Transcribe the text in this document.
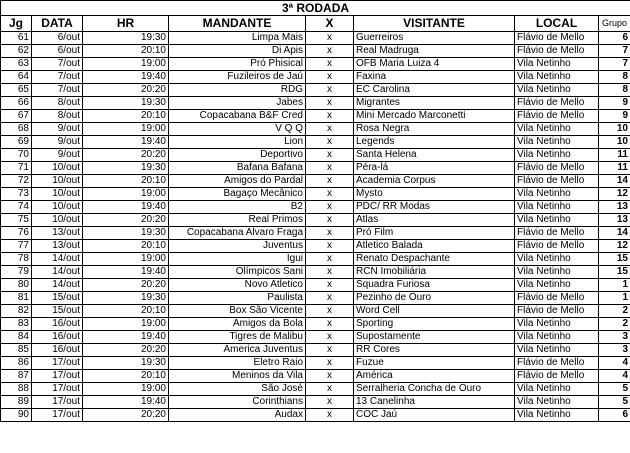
3ª RODADA							
Jg	DATA	HR	MANDANTE	X	VISITANTE	LOCAL	Grupo
61	6/out	19:30	Limpa Mais	x	Guerreiros	Flávio de Mello	6
62	6/out	20:10	Di Apis	x	Real Madruga	Flávio de Mello	7
63	7/out	19:00	Pró Phisical	x	OFB Maria Luiza 4	Vila Netinho	7
64	7/out	19:40	Fuzileiros de Jaú	x	Faxina	Vila Netinho	8
65	7/out	20:20	RDG	x	EC Carolina	Vila Netinho	8
66	8/out	19:30	Jabes	x	Migrantes	Flávio de Mello	9
67	8/out	20:10	Copacabana B&F Cred	x	Mini Mercado Marconetti	Flávio de Mello	9
68	9/out	19:00	V Q Q	x	Rosa Negra	Vila Netinho	10
69	9/out	19:40	Lion	x	Legends	Vila Netinho	10
70	9/out	20:20	Deportivo	x	Santa Helena	Vila Netinho	11
71	10/out	19:30	Bafana Bafana	x	Péra-lá	Flávio de Mello	11
72	10/out	20:10	Amigos do Pardal	x	Academia Corpus	Flávio de Mello	14
73	10/out	19:00	Bagaço Mecânico	x	Mysto	Vila Netinho	12
74	10/out	19:40	B2	x	PDC/ RR Modas	Vila Netinho	13
75	10/out	20:20	Real Primos	x	Atlas	Vila Netinho	13
76	13/out	19:30	Copacabana Alvaro Fraga	x	Pró Film	Flávio de Mello	14
77	13/out	20:10	Juventus	x	Atletico Balada	Flávio de Mello	12
78	14/out	19:00	Igui	x	Renato Despachante	Vila Netinho	15
79	14/out	19:40	Olímpicos Sani	x	RCN Imobiliária	Vila Netinho	15
80	14/out	20:20	Novo Atletico	x	Squadra Furiosa	Vila Netinho	1
81	15/out	19:30	Paulista	x	Pezinho de Ouro	Flávio de Mello	1
82	15/out	20:10	Box São Vicente	x	Word Cell	Flávio de Mello	2
83	16/out	19:00	Amigos da Bola	x	Sporting	Vila Netinho	2
84	16/out	19:40	Tigres de Malibu	x	Supostamente	Vila Netinho	3
85	16/out	20:20	America Juventus	x	RR Cores	Vila Netinho	3
86	17/out	19:30	Eletro Raio	x	Fuzue	Flávio de Mello	4
87	17/out	20:10	Meninos da Vila	x	América	Flávio de Mello	4
88	17/out	19:00	São José	x	Serralheria Concha de Ouro	Vila Netinho	5
89	17/out	19:40	Corinthians	x	13 Canelinha	Vila Netinho	5
90	17/out	20:20	Audax	x	COC Jaú	Vila Netinho	6
